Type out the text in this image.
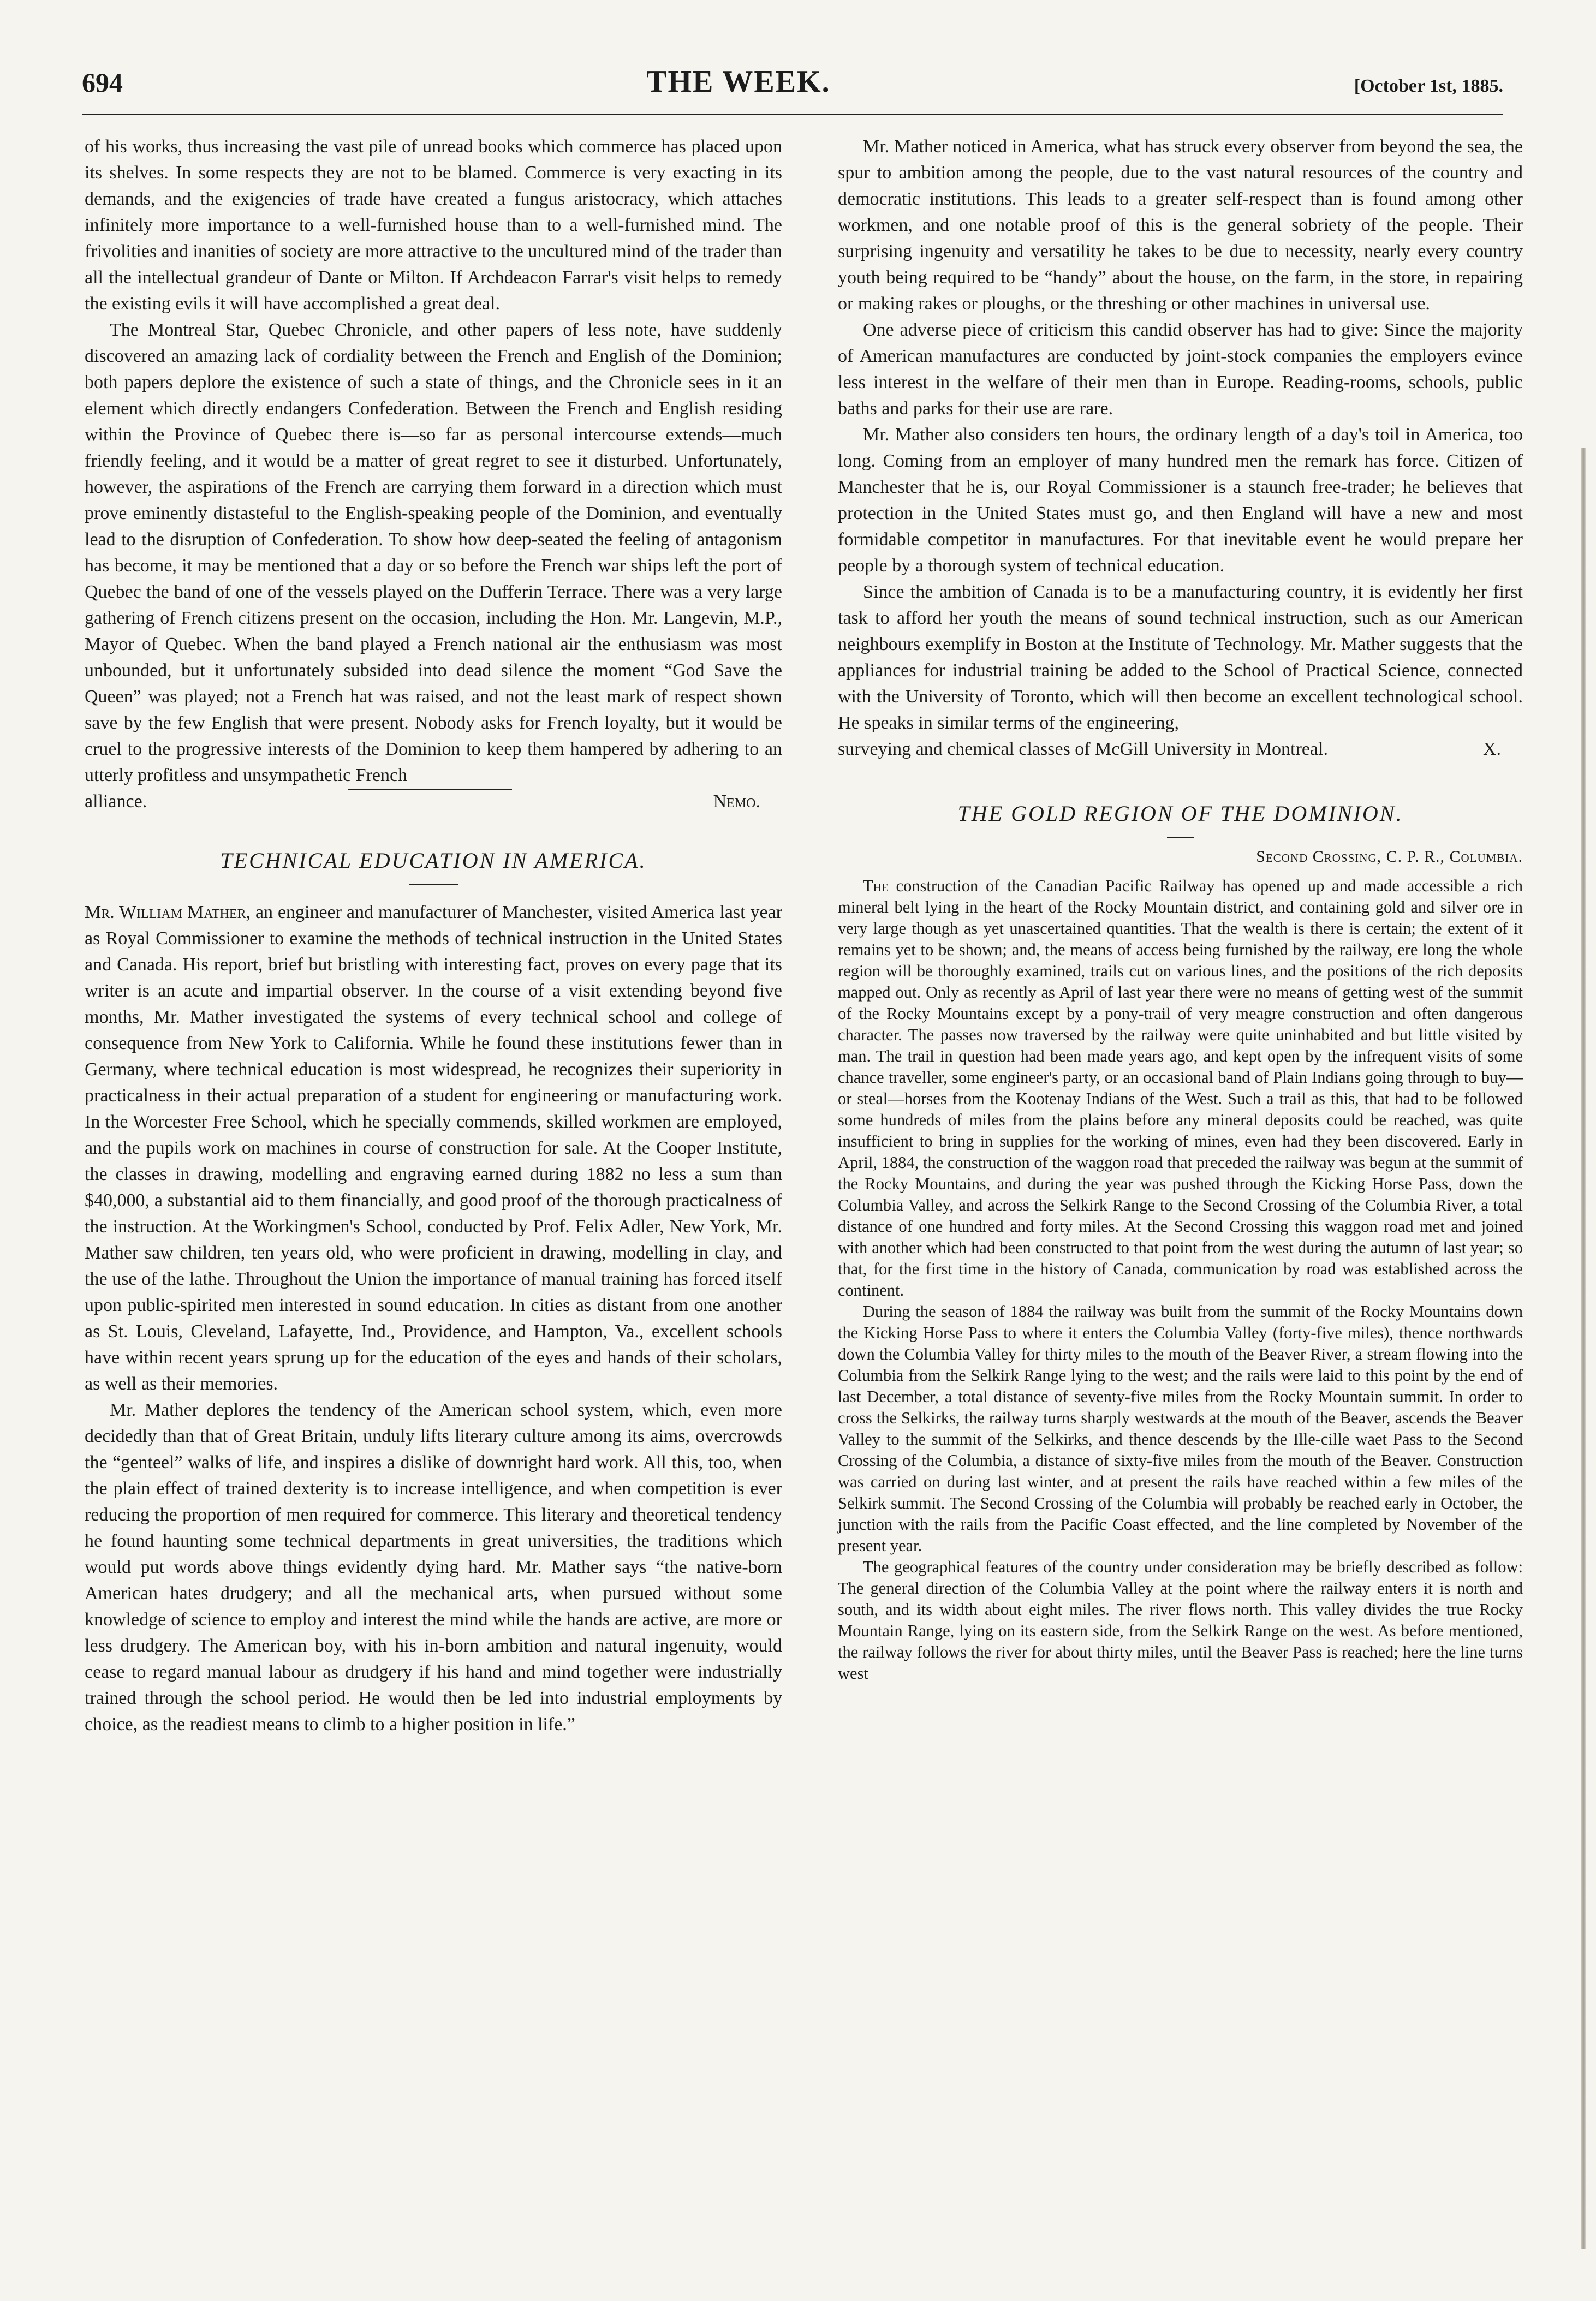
694	THE WEEK.	[October 1st, 1885.

of his works, thus increasing the vast pile of unread books which commerce has placed upon its shelves. In some respects they are not to be blamed. Commerce is very exacting in its demands, and the exigencies of trade have created a fungus aristocracy, which attaches infinitely more importance to a well-furnished house than to a well-furnished mind. The frivolities and inanities of society are more attractive to the uncultured mind of the trader than all the intellectual grandeur of Dante or Milton. If Archdeacon Farrar's visit helps to remedy the existing evils it will have accomplished a great deal.

The Montreal Star, Quebec Chronicle, and other papers of less note, have suddenly discovered an amazing lack of cordiality between the French and English of the Dominion; both papers deplore the existence of such a state of things, and the Chronicle sees in it an element which directly endangers Confederation. Between the French and English residing within the Province of Quebec there is—so far as personal intercourse extends—much friendly feeling, and it would be a matter of great regret to see it disturbed. Unfortunately, however, the aspirations of the French are carrying them forward in a direction which must prove eminently distasteful to the English-speaking people of the Dominion, and eventually lead to the disruption of Confederation. To show how deep-seated the feeling of antagonism has become, it may be mentioned that a day or so before the French war ships left the port of Quebec the band of one of the vessels played on the Dufferin Terrace. There was a very large gathering of French citizens present on the occasion, including the Hon. Mr. Langevin, M.P., Mayor of Quebec. When the band played a French national air the enthusiasm was most unbounded, but it unfortunately subsided into dead silence the moment “God Save the Queen” was played; not a French hat was raised, and not the least mark of respect shown save by the few English that were present. Nobody asks for French loyalty, but it would be cruel to the progressive interests of the Dominion to keep them hampered by adhering to an utterly profitless and unsympathetic French

alliance.	Nemo.
TECHNICAL EDUCATION IN AMERICA.

Mr. William Mather, an engineer and manufacturer of Manchester, visited America last year as Royal Commissioner to examine the methods of technical instruction in the United States and Canada. His report, brief but bristling with interesting fact, proves on every page that its writer is an acute and impartial observer. In the course of a visit extending beyond five months, Mr. Mather investigated the systems of every technical school and college of consequence from New York to California. While he found these institutions fewer than in Germany, where technical education is most widespread, he recognizes their superiority in practicalness in their actual preparation of a student for engineering or manufacturing work. In the Worcester Free School, which he specially commends, skilled workmen are employed, and the pupils work on machines in course of construction for sale. At the Cooper Institute, the classes in drawing, modelling and engraving earned during 1882 no less a sum than $40,000, a substantial aid to them financially, and good proof of the thorough practicalness of the instruction. At the Workingmen's School, conducted by Prof. Felix Adler, New York, Mr. Mather saw children, ten years old, who were proficient in drawing, modelling in clay, and the use of the lathe. Throughout the Union the importance of manual training has forced itself upon public-spirited men interested in sound education. In cities as distant from one another as St. Louis, Cleveland, Lafayette, Ind., Providence, and Hampton, Va., excellent schools have within recent years sprung up for the education of the eyes and hands of their scholars, as well as their memories.

Mr. Mather deplores the tendency of the American school system, which, even more decidedly than that of Great Britain, unduly lifts literary culture among its aims, overcrowds the “genteel” walks of life, and inspires a dislike of downright hard work. All this, too, when the plain effect of trained dexterity is to increase intelligence, and when competition is ever reducing the proportion of men required for commerce. This literary and theoretical tendency he found haunting some technical departments in great universities, the traditions which would put words above things evidently dying hard. Mr. Mather says “the native-born American hates drudgery; and all the mechanical arts, when pursued without some knowledge of science to employ and interest the mind while the hands are active, are more or less drudgery. The American boy, with his in-born ambition and natural ingenuity, would cease to regard manual labour as drudgery if his hand and mind together were industrially trained through the school period. He would then be led into industrial employments by choice, as the readiest means to climb to a higher position in life.”

Mr. Mather noticed in America, what has struck every observer from beyond the sea, the spur to ambition among the people, due to the vast natural resources of the country and democratic institutions. This leads to a greater self-respect than is found among other workmen, and one notable proof of this is the general sobriety of the people. Their surprising ingenuity and versatility he takes to be due to necessity, nearly every country youth being required to be “handy” about the house, on the farm, in the store, in repairing or making rakes or ploughs, or the threshing or other machines in universal use.

One adverse piece of criticism this candid observer has had to give: Since the majority of American manufactures are conducted by joint-stock companies the employers evince less interest in the welfare of their men than in Europe. Reading-rooms, schools, public baths and parks for their use are rare.

Mr. Mather also considers ten hours, the ordinary length of a day's toil in America, too long. Coming from an employer of many hundred men the remark has force. Citizen of Manchester that he is, our Royal Commissioner is a staunch free-trader; he believes that protection in the United States must go, and then England will have a new and most formidable competitor in manufactures. For that inevitable event he would prepare her people by a thorough system of technical education.

Since the ambition of Canada is to be a manufacturing country, it is evidently her first task to afford her youth the means of sound technical instruction, such as our American neighbours exemplify in Boston at the Institute of Technology. Mr. Mather suggests that the appliances for industrial training be added to the School of Practical Science, connected with the University of Toronto, which will then become an excellent technological school. He speaks in similar terms of the engineering,

surveying and chemical classes of McGill University in Montreal.	X.
THE GOLD REGION OF THE DOMINION.
Second Crossing, C. P. R., Columbia.

The construction of the Canadian Pacific Railway has opened up and made accessible a rich mineral belt lying in the heart of the Rocky Mountain district, and containing gold and silver ore in very large though as yet unascertained quantities. That the wealth is there is certain; the extent of it remains yet to be shown; and, the means of access being furnished by the railway, ere long the whole region will be thoroughly examined, trails cut on various lines, and the positions of the rich deposits mapped out. Only as recently as April of last year there were no means of getting west of the summit of the Rocky Mountains except by a pony-trail of very meagre construction and often dangerous character. The passes now traversed by the railway were quite uninhabited and but little visited by man. The trail in question had been made years ago, and kept open by the infrequent visits of some chance traveller, some engineer's party, or an occasional band of Plain Indians going through to buy—or steal—horses from the Kootenay Indians of the West. Such a trail as this, that had to be followed some hundreds of miles from the plains before any mineral deposits could be reached, was quite insufficient to bring in supplies for the working of mines, even had they been discovered. Early in April, 1884, the construction of the waggon road that preceded the railway was begun at the summit of the Rocky Mountains, and during the year was pushed through the Kicking Horse Pass, down the Columbia Valley, and across the Selkirk Range to the Second Crossing of the Columbia River, a total distance of one hundred and forty miles. At the Second Crossing this waggon road met and joined with another which had been constructed to that point from the west during the autumn of last year; so that, for the first time in the history of Canada, communication by road was established across the continent.

During the season of 1884 the railway was built from the summit of the Rocky Mountains down the Kicking Horse Pass to where it enters the Columbia Valley (forty-five miles), thence northwards down the Columbia Valley for thirty miles to the mouth of the Beaver River, a stream flowing into the Columbia from the Selkirk Range lying to the west; and the rails were laid to this point by the end of last December, a total distance of seventy-five miles from the Rocky Mountain summit. In order to cross the Selkirks, the railway turns sharply westwards at the mouth of the Beaver, ascends the Beaver Valley to the summit of the Selkirks, and thence descends by the Ille-cille waet Pass to the Second Crossing of the Columbia, a distance of sixty-five miles from the mouth of the Beaver. Construction was carried on during last winter, and at present the rails have reached within a few miles of the Selkirk summit. The Second Crossing of the Columbia will probably be reached early in October, the junction with the rails from the Pacific Coast effected, and the line completed by November of the present year.

The geographical features of the country under consideration may be briefly described as follow: The general direction of the Columbia Valley at the point where the railway enters it is north and south, and its width about eight miles. The river flows north. This valley divides the true Rocky Mountain Range, lying on its eastern side, from the Selkirk Range on the west. As before mentioned, the railway follows the river for about thirty miles, until the Beaver Pass is reached; here the line turns west
